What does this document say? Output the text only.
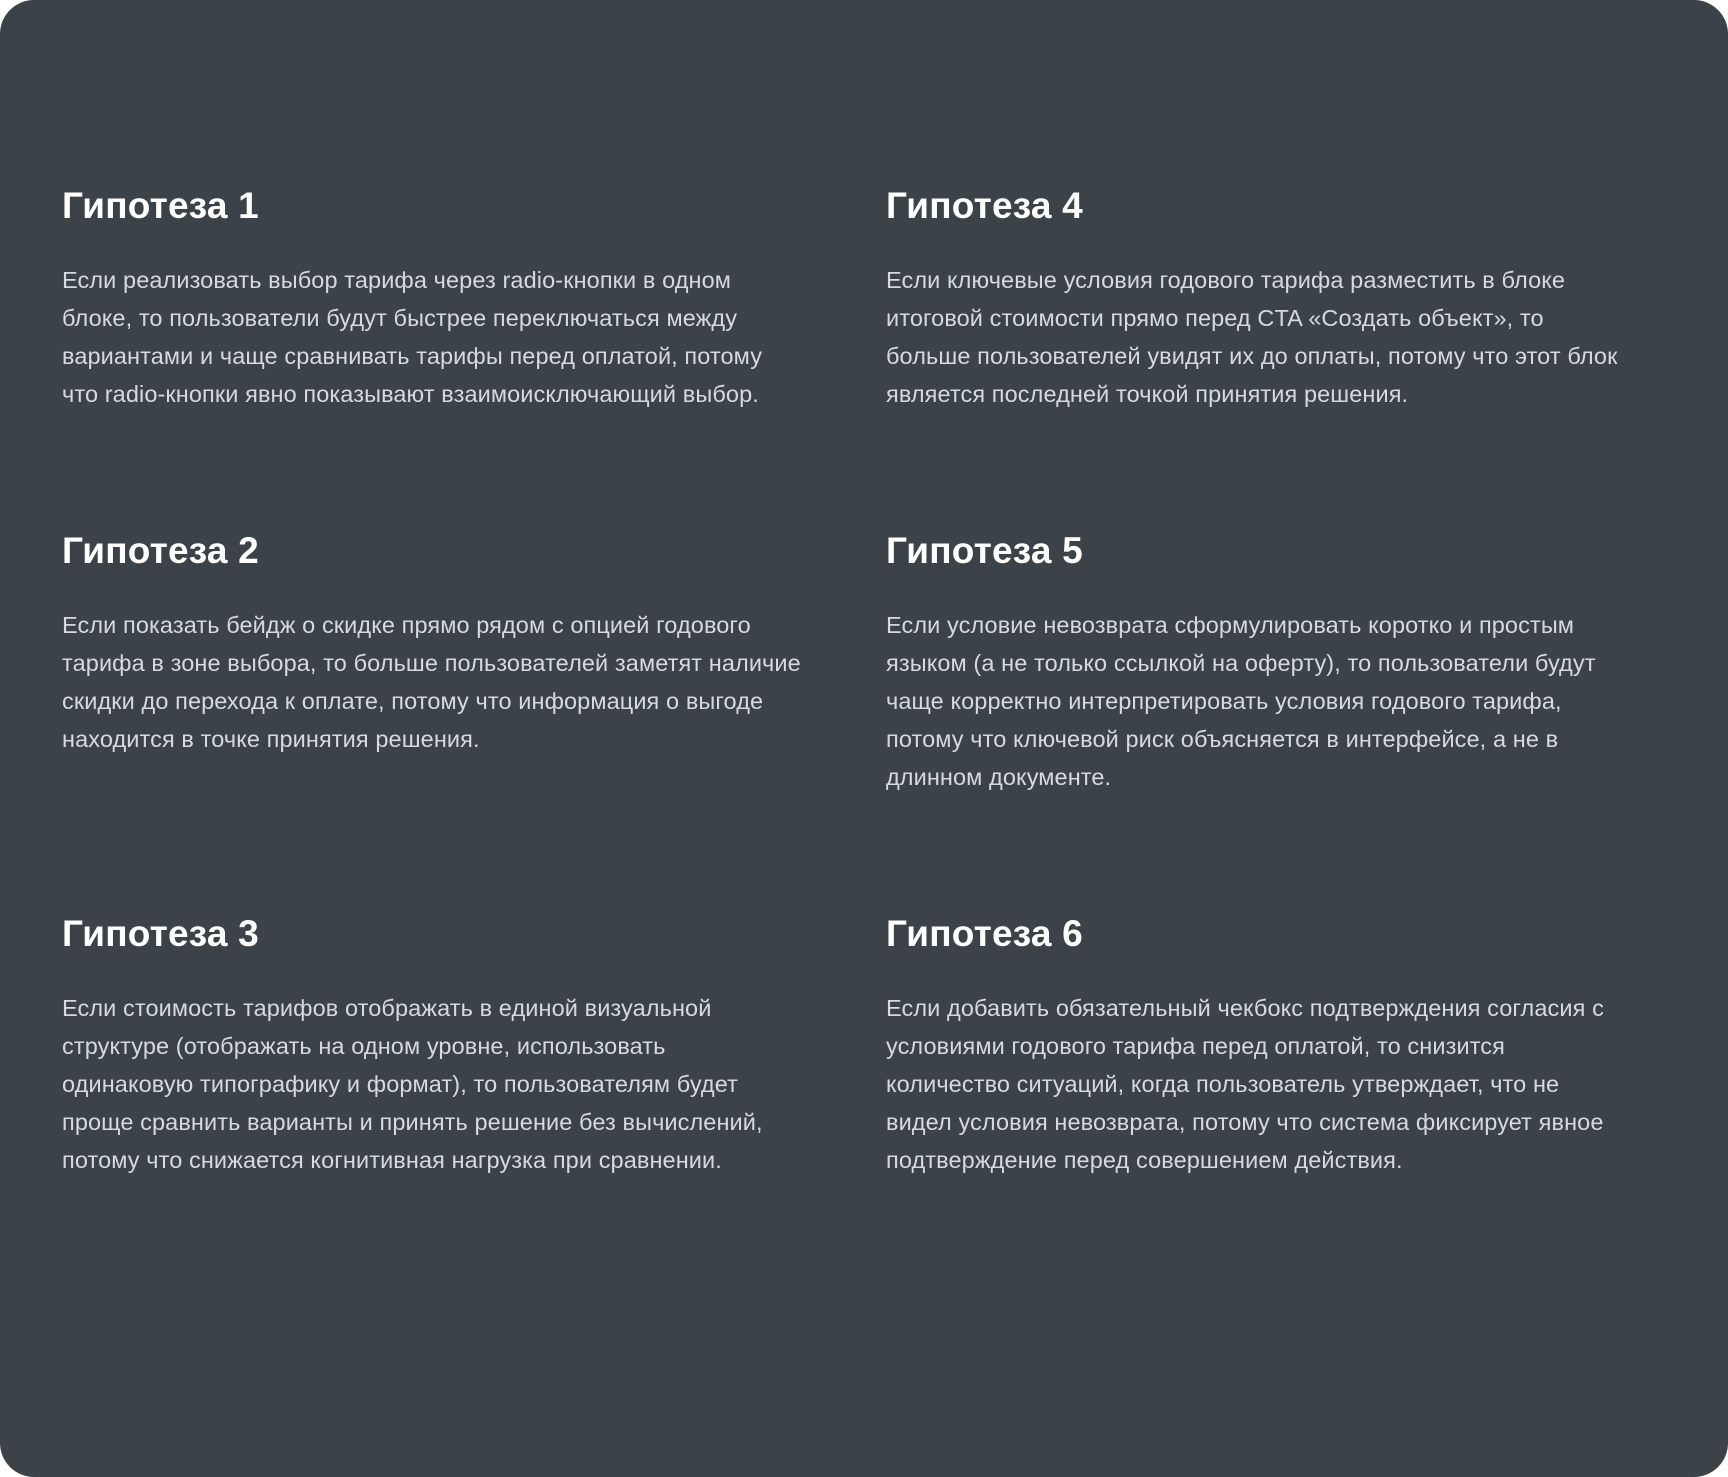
Гипотеза 1

Если реализовать выбор тарифа через radio-кнопки в одном блоке, то пользователи будут быстрее переключаться между вариантами и чаще сравнивать тарифы перед оплатой, потому что radio-кнопки явно показывают взаимоисключающий выбор.

Гипотеза 4

Если ключевые условия годового тарифа разместить в блоке итоговой стоимости прямо перед CTA «Создать объект», то больше пользователей увидят их до оплаты, потому что этот блок является последней точкой принятия решения.

Гипотеза 2

Если показать бейдж о скидке прямо рядом с опцией годового тарифа в зоне выбора, то больше пользователей заметят наличие скидки до перехода к оплате, потому что информация о выгоде находится в точке принятия решения.

Гипотеза 5

Если условие невозврата сформулировать коротко и простым языком (а не только ссылкой на оферту), то пользователи будут чаще корректно интерпретировать условия годового тарифа, потому что ключевой риск объясняется в интерфейсе, а не в длинном документе.

Гипотеза 3

Если стоимость тарифов отображать в единой визуальной структуре (отображать на одном уровне, использовать одинаковую типографику и формат), то пользователям будет проще сравнить варианты и принять решение без вычислений, потому что снижается когнитивная нагрузка при сравнении.

Гипотеза 6

Если добавить обязательный чекбокс подтверждения согласия с условиями годового тарифа перед оплатой, то снизится количество ситуаций, когда пользователь утверждает, что не видел условия невозврата, потому что система фиксирует явное подтверждение перед совершением действия.
